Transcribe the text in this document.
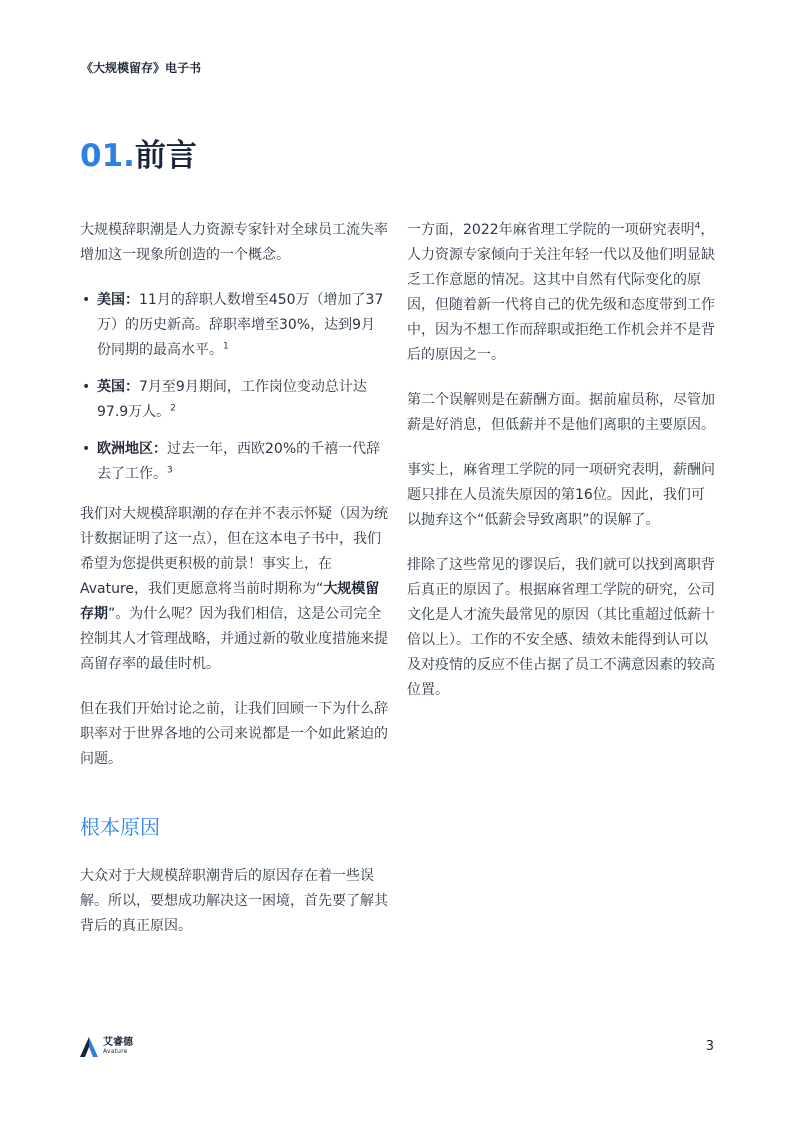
《大规模留存》电子书
01.前言

大规模辞职潮是人力资源专家针对全球员工流失率增加这一现象所创造的一个概念。

• 美国：11月的辞职人数增至450万（增加了37万）的历史新高。辞职率增至30%，达到9月份同期的最高水平。$^1$
• 英国：7月至9月期间，工作岗位变动总计达97.9万人。$^2$
• 欧洲地区：过去一年，西欧20%的千禧一代辞去了工作。$^3$

我们对大规模辞职潮的存在并不表示怀疑（因为统计数据证明了这一点），但在这本电子书中，我们希望为您提供更积极的前景！事实上，在 Avature，我们更愿意将当前时期称为“大规模留存期”。为什么呢？因为我们相信，这是公司完全控制其人才管理战略，并通过新的敬业度措施来提高留存率的最佳时机。

但在我们开始讨论之前，让我们回顾一下为什么辞职率对于世界各地的公司来说都是一个如此紧迫的问题。

根本原因

大众对于大规模辞职潮背后的原因存在着一些误解。所以，要想成功解决这一困境，首先要了解其背后的真正原因。

一方面，2022年麻省理工学院的一项研究表明$^4$，人力资源专家倾向于关注年轻一代以及他们明显缺乏工作意愿的情况。这其中自然有代际变化的原因，但随着新一代将自己的优先级和态度带到工作中，因为不想工作而辞职或拒绝工作机会并不是背后的原因之一。

第二个误解则是在薪酬方面。据前雇员称，尽管加薪是好消息，但低薪并不是他们离职的主要原因。

事实上，麻省理工学院的同一项研究表明，薪酬问题只排在人员流失原因的第16位。因此，我们可以抛弃这个“低薪会导致离职”的误解了。

排除了这些常见的谬误后，我们就可以找到离职背后真正的原因了。根据麻省理工学院的研究，公司文化是人才流失最常见的原因（其比重超过低薪十倍以上）。工作的不安全感、绩效未能得到认可以及对疫情的反应不佳占据了员工不满意因素的较高位置。

艾睿德
Avature	3
